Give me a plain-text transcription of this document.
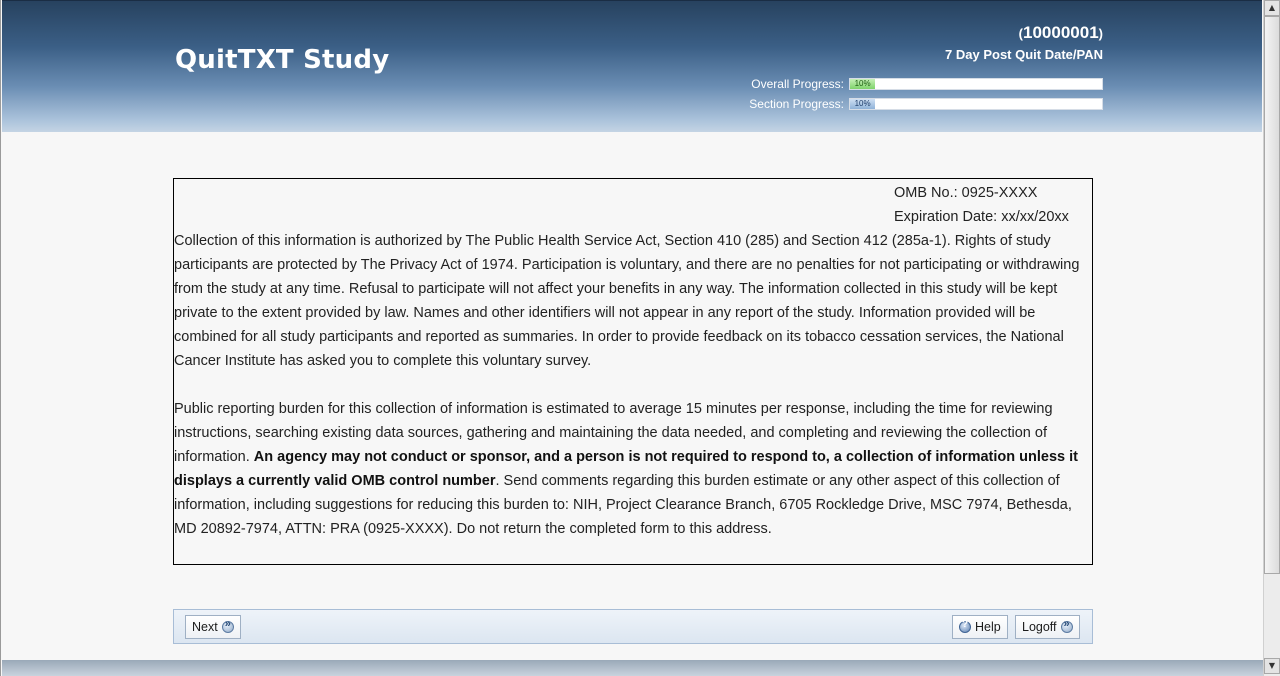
QuitTXT Study
(10000001)
7 Day Post Quit Date/PAN
Overall Progress:	10%
Section Progress:	10%
OMB No.: 0925-XXXX
Expiration Date: xx/xx/20xx

Collection of this information is authorized by The Public Health Service Act, Section 410 (285) and Section 412 (285a-1). Rights of study participants are protected by The Privacy Act of 1974. Participation is voluntary, and there are no penalties for not participating or withdrawing from the study at any time. Refusal to participate will not affect your benefits in any way. The information collected in this study will be kept private to the extent provided by law. Names and other identifiers will not appear in any report of the study. Information provided will be combined for all study participants and reported as summaries. In order to provide feedback on its tobacco cessation services, the National Cancer Institute has asked you to complete this voluntary survey.

Public reporting burden for this collection of information is estimated to average 15 minutes per response, including the time for reviewing instructions, searching existing data sources, gathering and maintaining the data needed, and completing and reviewing the collection of information. An agency may not conduct or sponsor, and a person is not required to respond to, a collection of information unless it displays a currently valid OMB control number. Send comments regarding this burden estimate or any other aspect of this collection of information, including suggestions for reducing this burden to: NIH, Project Clearance Branch, 6705 Rockledge Drive, MSC 7974, Bethesda, MD 20892-7974, ATTN: PRA (0925-XXXX). Do not return the completed form to this address.

Next » ?	Help Logoff
»
▲
▼
